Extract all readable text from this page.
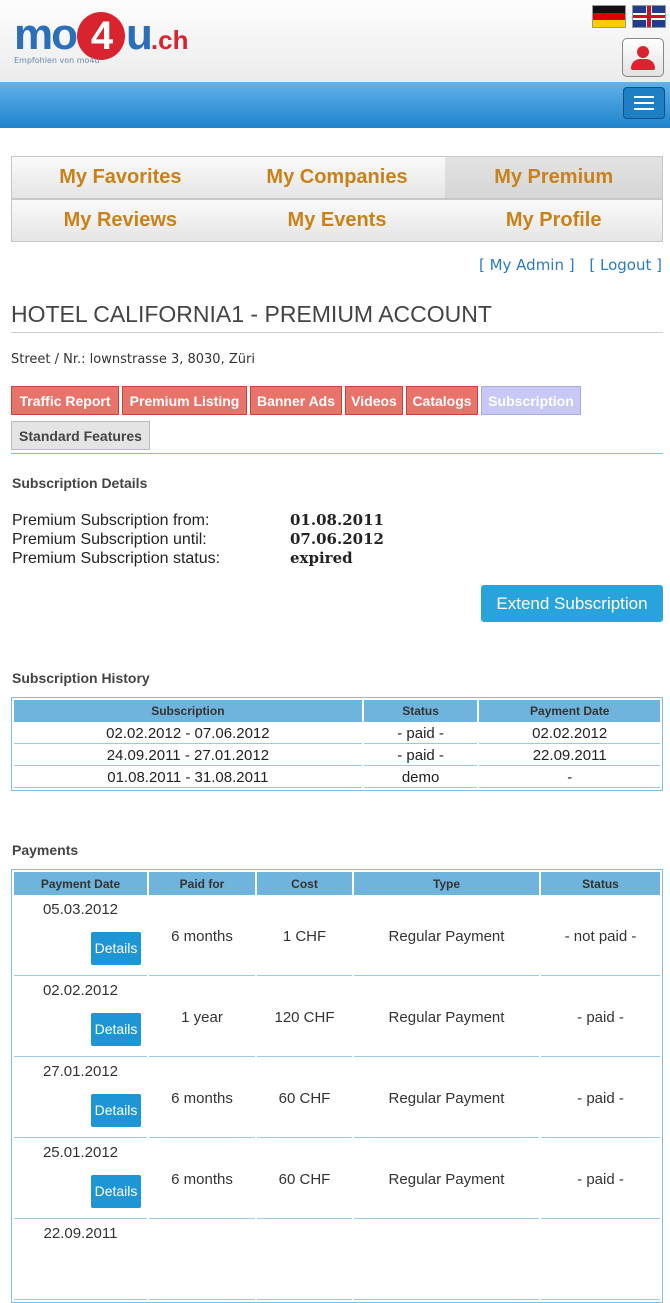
mo 4 u.ch
Empfohlen von mo4u
My Favorites	My Companies	My Premium
My Reviews	My Events	My Profile
[ My Admin ] [ Logout ]
HOTEL CALIFORNIA1 - PREMIUM ACCOUNT
Street / Nr.: lownstrasse 3, 8030, Züri
Traffic Report	Premium Listing	Banner Ads	Videos	Catalogs	Subscription
Standard Features
Subscription Details
Premium Subscription from:	01.08.2011
Premium Subscription until:	07.06.2012
Premium Subscription status:	expired
Extend Subscription
Subscription History
Subscription	Status	Payment Date
02.02.2012 - 07.06.2012	- paid -	02.02.2012
24.09.2011 - 27.01.2012	- paid -	22.09.2011
01.08.2011 - 31.08.2011	demo	-
Payments
Payment Date	Paid for	Cost	Type	Status

05.03.2012
Details	6 months	1 CHF	Regular Payment	- not paid -

02.02.2012
Details	1 year	120 CHF	Regular Payment	- paid -

27.01.2012
Details	6 months	60 CHF	Regular Payment	- paid -

25.01.2012
Details	6 months	60 CHF	Regular Payment	- paid -

22.09.2011				
